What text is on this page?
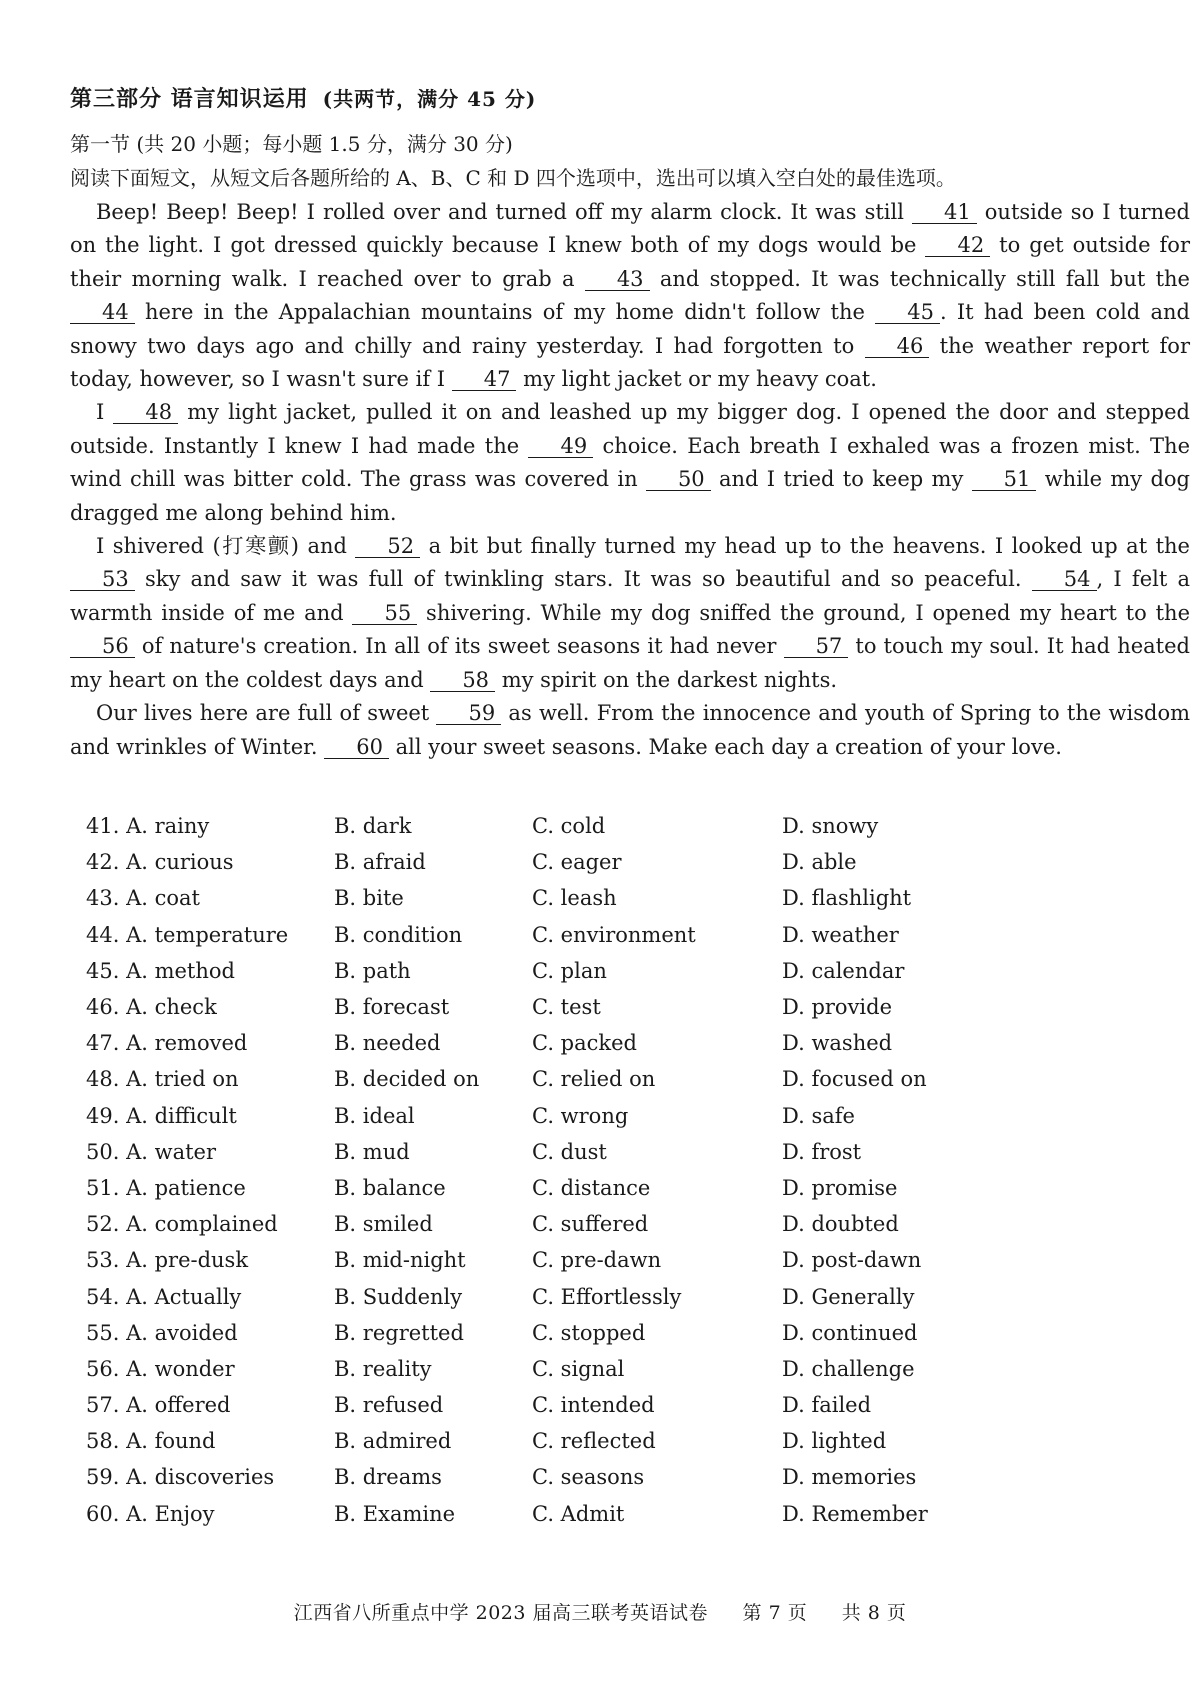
第三部分 语言知识运用 (共两节，满分 45 分)
第一节 (共 20 小题；每小题 1.5 分，满分 30 分)
阅读下面短文，从短文后各题所给的 A、B、C 和 D 四个选项中，选出可以填入空白处的最佳选项。

Beep! Beep! Beep! I rolled over and turned off my alarm clock. It was still 41 outside so I turned on the light. I got dressed quickly because I knew both of my dogs would be 42 to get outside for their morning walk. I reached over to grab a 43 and stopped. It was technically still fall but the 44 here in the Appalachian mountains of my home didn't follow the 45 . It had been cold and snowy two days ago and chilly and rainy yesterday. I had forgotten to 46 the weather report for today, however, so I wasn't sure if I 47 my light jacket or my heavy coat.

I 48 my light jacket, pulled it on and leashed up my bigger dog. I opened the door and stepped outside. Instantly I knew I had made the 49 choice. Each breath I exhaled was a frozen mist. The wind chill was bitter cold. The grass was covered in 50 and I tried to keep my 51 while my dog dragged me along behind him.

I shivered (打寒颤) and 52 a bit but finally turned my head up to the heavens. I looked up at the 53 sky and saw it was full of twinkling stars. It was so beautiful and so peaceful. 54 , I felt a warmth inside of me and 55 shivering. While my dog sniffed the ground, I opened my heart to the 56 of nature's creation. In all of its sweet seasons it had never 57 to touch my soul. It had heated my heart on the coldest days and 58 my spirit on the darkest nights.

Our lives here are full of sweet 59 as well. From the innocence and youth of Spring to the wisdom and wrinkles of Winter. 60 all your sweet seasons. Make each day a creation of your love.

41. A. rainy	B. dark	C. cold	D. snowy
42. A. curious	B. afraid	C. eager	D. able
43. A. coat	B. bite	C. leash	D. flashlight
44. A. temperature	B. condition	C. environment	D. weather
45. A. method	B. path	C. plan	D. calendar
46. A. check	B. forecast	C. test	D. provide
47. A. removed	B. needed	C. packed	D. washed
48. A. tried on	B. decided on	C. relied on	D. focused on
49. A. difficult	B. ideal	C. wrong	D. safe
50. A. water	B. mud	C. dust	D. frost
51. A. patience	B. balance	C. distance	D. promise
52. A. complained	B. smiled	C. suffered	D. doubted
53. A. pre-dusk	B. mid-night	C. pre-dawn	D. post-dawn
54. A. Actually	B. Suddenly	C. Effortlessly	D. Generally
55. A. avoided	B. regretted	C. stopped	D. continued
56. A. wonder	B. reality	C. signal	D. challenge
57. A. offered	B. refused	C. intended	D. failed
58. A. found	B. admired	C. reflected	D. lighted
59. A. discoveries	B. dreams	C. seasons	D. memories
60. A. Enjoy	B. Examine	C. Admit	D. Remember
江西省八所重点中学 2023 届高三联考英语试卷 第 7 页 共 8 页
